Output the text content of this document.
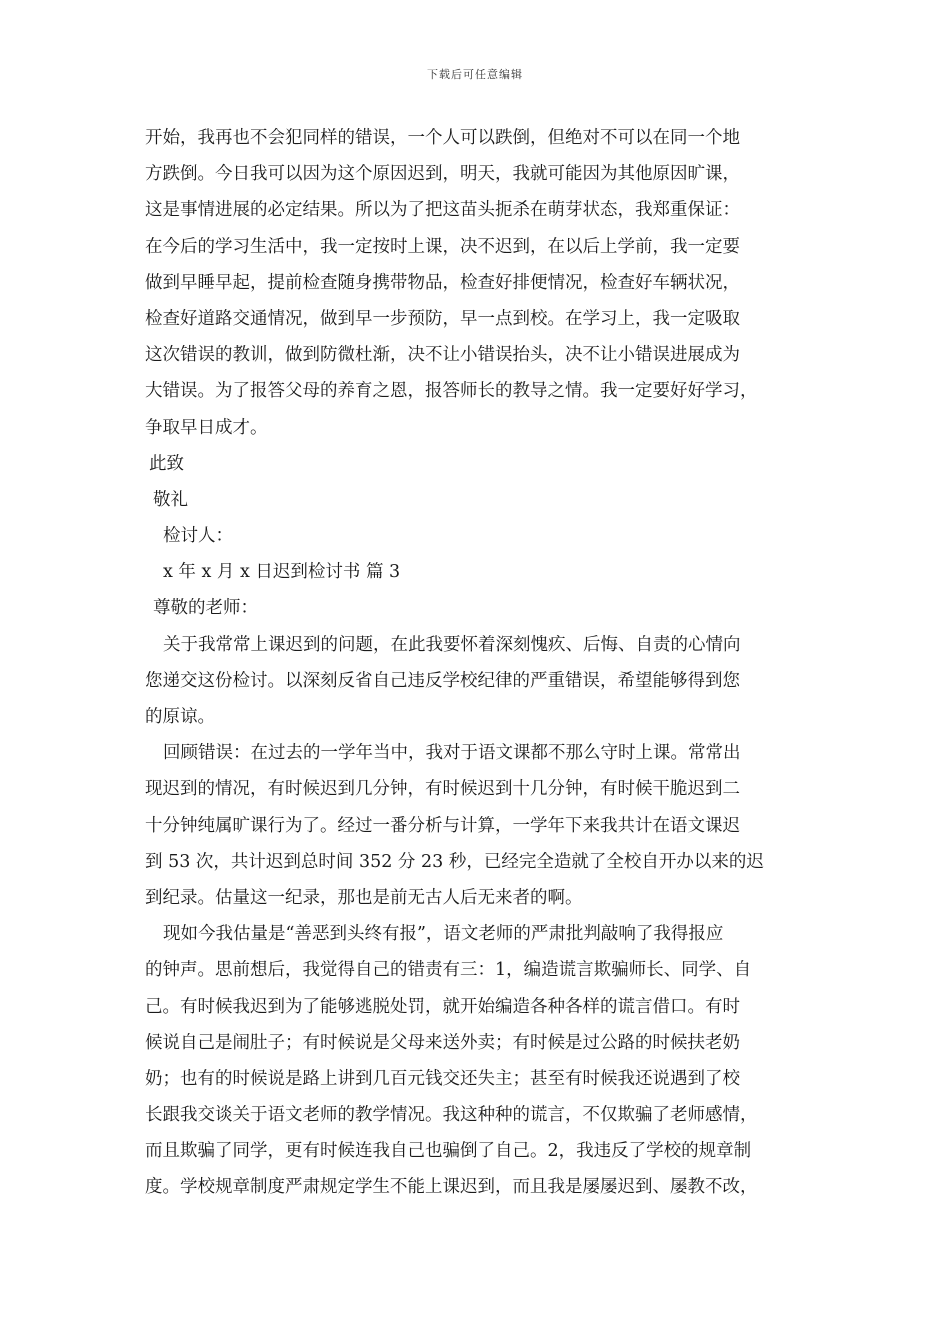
下载后可任意编辑
开始，我再也不会犯同样的错误，一个人可以跌倒，但绝对不可以在同一个地
方跌倒。今日我可以因为这个原因迟到，明天，我就可能因为其他原因旷课，
这是事情进展的必定结果。所以为了把这苗头扼杀在萌芽状态，我郑重保证：
在今后的学习生活中，我一定按时上课，决不迟到，在以后上学前，我一定要
做到早睡早起，提前检查随身携带物品，检查好排便情况，检查好车辆状况，
检查好道路交通情况，做到早一步预防，早一点到校。在学习上，我一定吸取
这次错误的教训，做到防微杜渐，决不让小错误抬头，决不让小错误进展成为
大错误。为了报答父母的养育之恩，报答师长的教导之情。我一定要好好学习，
争取早日成才。
此致
敬礼
检讨人：
x 年 x 月 x 日迟到检讨书 篇 3
尊敬的老师：
关于我常常上课迟到的问题，在此我要怀着深刻愧疚、后悔、自责的心情向
您递交这份检讨。以深刻反省自己违反学校纪律的严重错误，希望能够得到您
的原谅。
回顾错误：在过去的一学年当中，我对于语文课都不那么守时上课。常常出
现迟到的情况，有时候迟到几分钟，有时候迟到十几分钟，有时候干脆迟到二
十分钟纯属旷课行为了。经过一番分析与计算，一学年下来我共计在语文课迟
到 53 次，共计迟到总时间 352 分 23 秒，已经完全造就了全校自开办以来的迟
到纪录。估量这一纪录，那也是前无古人后无来者的啊。
现如今我估量是“善恶到头终有报”，语文老师的严肃批判敲响了我得报应
的钟声。思前想后，我觉得自己的错责有三：1，编造谎言欺骗师长、同学、自
己。有时候我迟到为了能够逃脱处罚，就开始编造各种各样的谎言借口。有时
候说自己是闹肚子；有时候说是父母来送外卖；有时候是过公路的时候扶老奶
奶；也有的时候说是路上讲到几百元钱交还失主；甚至有时候我还说遇到了校
长跟我交谈关于语文老师的教学情况。我这种种的谎言，不仅欺骗了老师感情，
而且欺骗了同学，更有时候连我自己也骗倒了自己。2，我违反了学校的规章制
度。学校规章制度严肃规定学生不能上课迟到，而且我是屡屡迟到、屡教不改，
